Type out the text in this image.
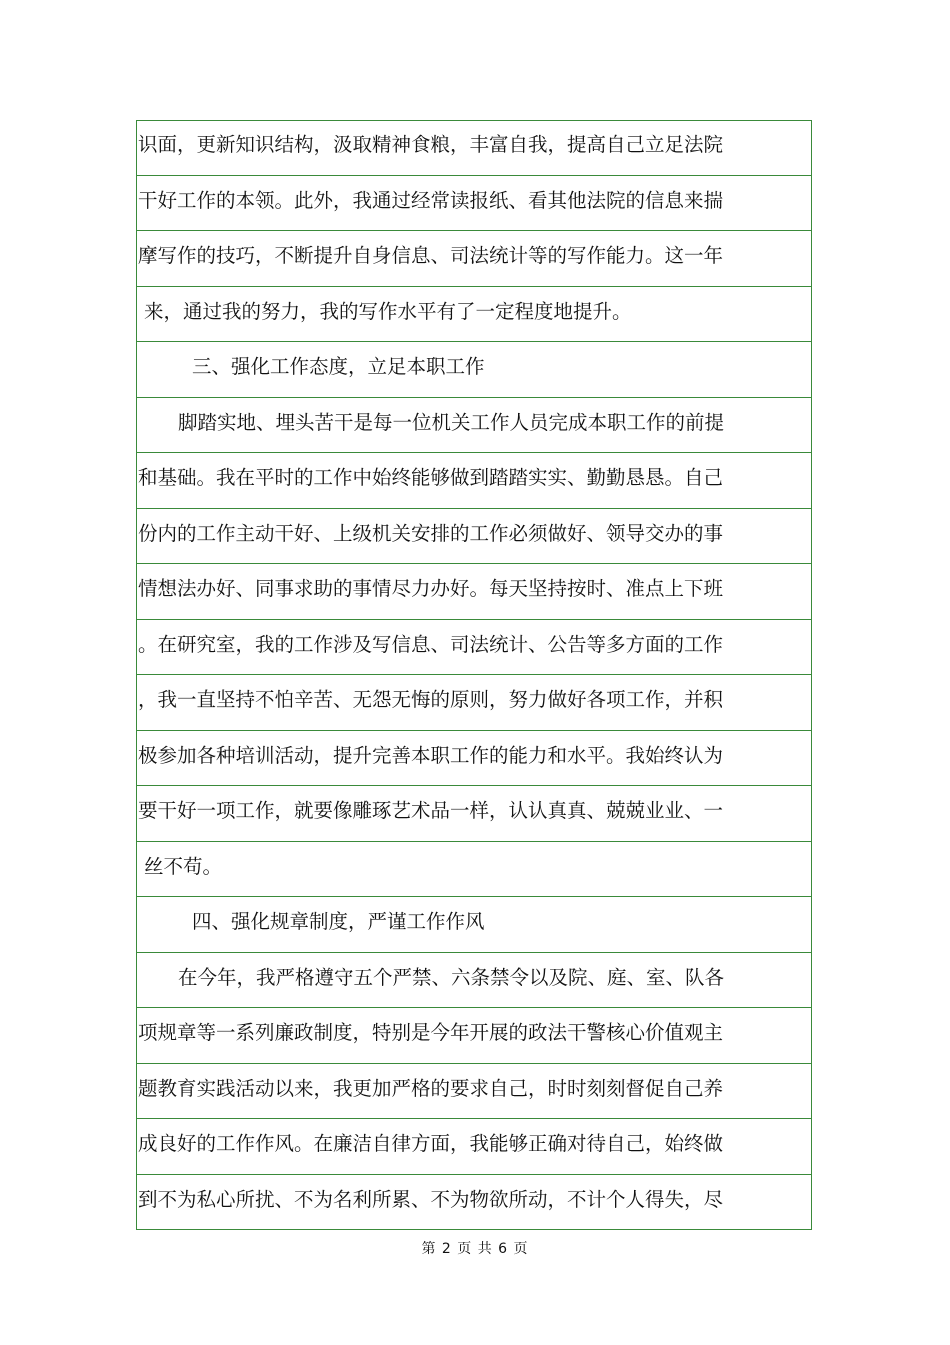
识面，更新知识结构，汲取精神食粮，丰富自我，提高自己立足法院
干好工作的本领。此外，我通过经常读报纸、看其他法院的信息来揣
摩写作的技巧，不断提升自身信息、司法统计等的写作能力。这一年
来，通过我的努力，我的写作水平有了一定程度地提升。
三、强化工作态度，立足本职工作
脚踏实地、埋头苦干是每一位机关工作人员完成本职工作的前提
和基础。我在平时的工作中始终能够做到踏踏实实、勤勤恳恳。自己
份内的工作主动干好、上级机关安排的工作必须做好、领导交办的事
情想法办好、同事求助的事情尽力办好。每天坚持按时、准点上下班
。在研究室，我的工作涉及写信息、司法统计、公告等多方面的工作
，我一直坚持不怕辛苦、无怨无悔的原则，努力做好各项工作，并积
极参加各种培训活动，提升完善本职工作的能力和水平。我始终认为
要干好一项工作，就要像雕琢艺术品一样，认认真真、兢兢业业、一
丝不苟。
四、强化规章制度，严谨工作作风
在今年，我严格遵守五个严禁、六条禁令以及院、庭、室、队各
项规章等一系列廉政制度，特别是今年开展的政法干警核心价值观主
题教育实践活动以来，我更加严格的要求自己，时时刻刻督促自己养
成良好的工作作风。在廉洁自律方面，我能够正确对待自己，始终做
到不为私心所扰、不为名利所累、不为物欲所动，不计个人得失，尽
第 2 页 共 6 页
